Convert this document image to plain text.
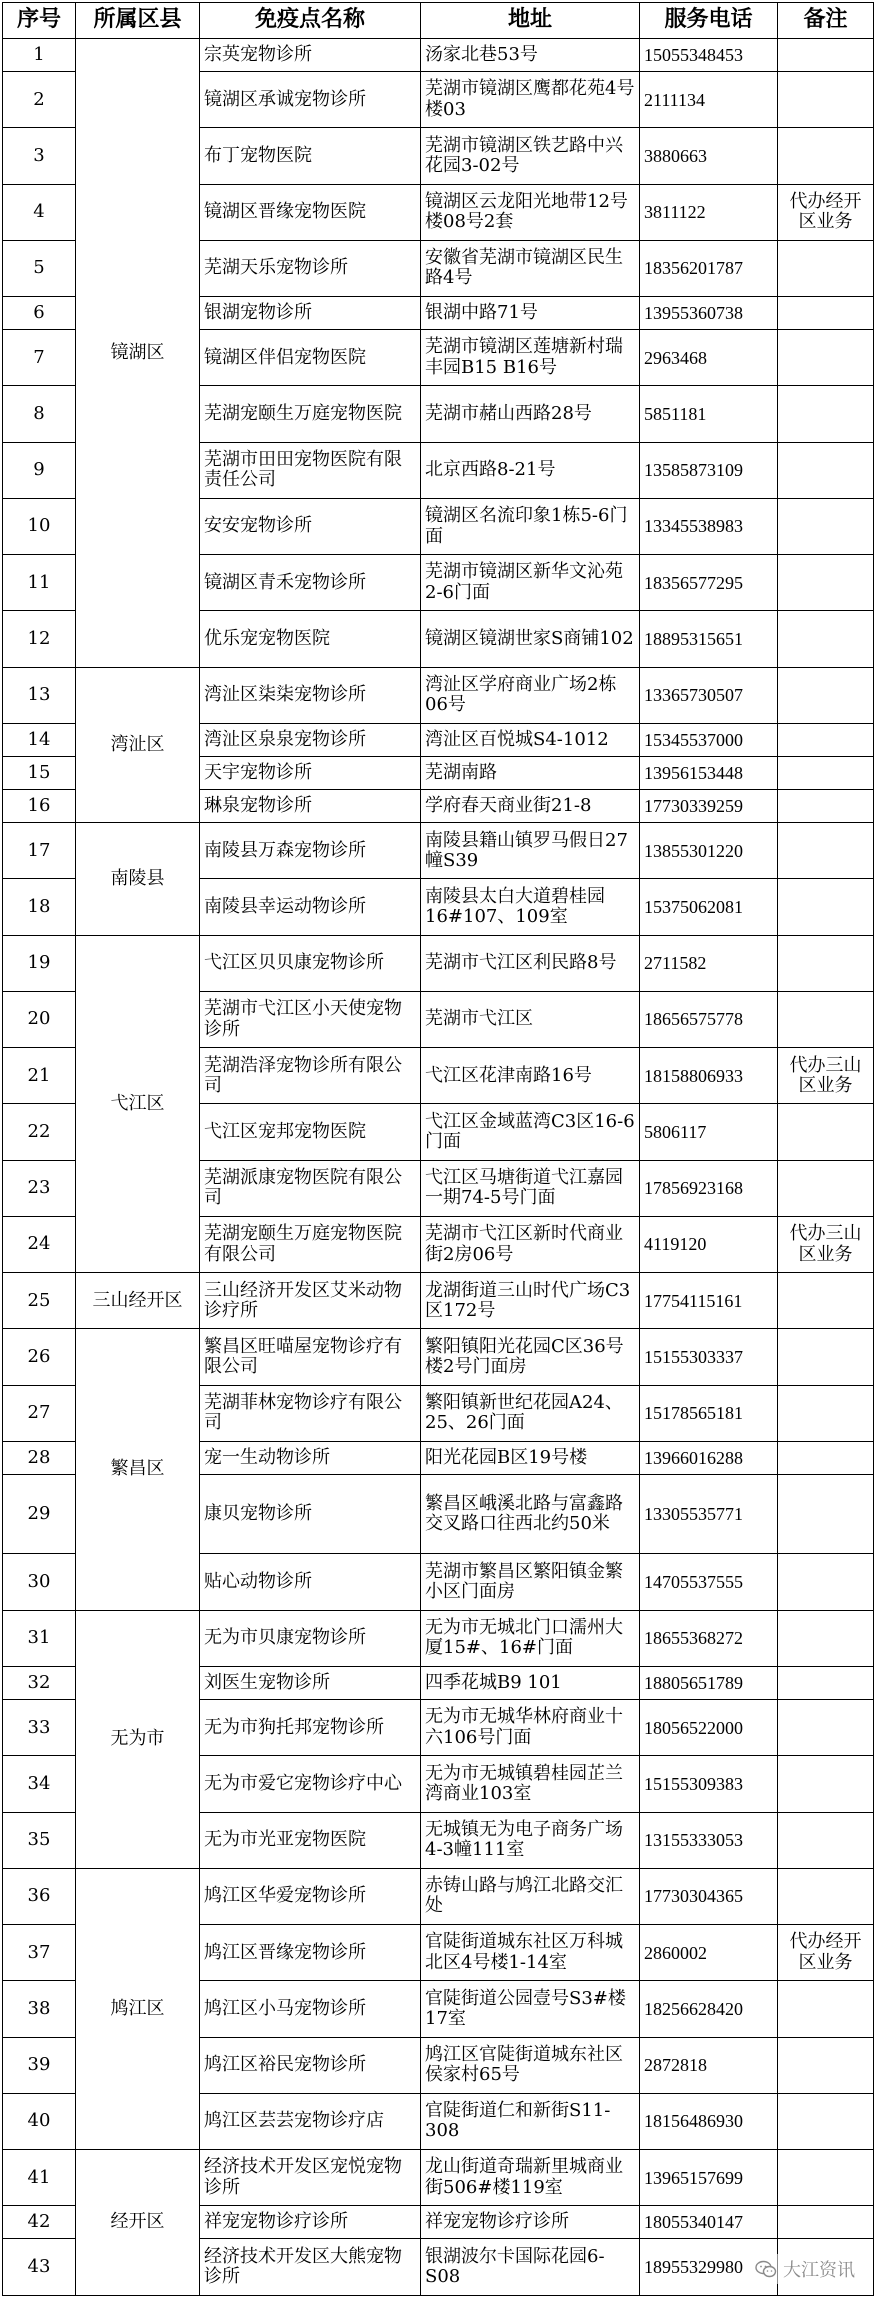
序号	所属区县	免疫点名称	地址	服务电话	备注
1	镜湖区	宗英宠物诊所	汤家北巷53号	15055348453	
2		镜湖区承诚宠物诊所	芜湖市镜湖区鹰都花苑4号楼03	2111134	
3		布丁宠物医院	芜湖市镜湖区铁艺路中兴花园3-02号	3880663	
4		镜湖区晋缘宠物医院	镜湖区云龙阳光地带12号楼08号2套	3811122	代办经开区业务
5		芜湖天乐宠物诊所	安徽省芜湖市镜湖区民生路4号	18356201787	
6		银湖宠物诊所	银湖中路71号	13955360738	
7		镜湖区伴侣宠物医院	芜湖市镜湖区莲塘新村瑞丰园B15 B16号	2963468	
8		芜湖宠颐生万庭宠物医院	芜湖市赭山西路28号	5851181	
9		芜湖市田田宠物医院有限责任公司	北京西路8-21号	13585873109	
10		安安宠物诊所	镜湖区名流印象1栋5-6门面	13345538983	
11		镜湖区青禾宠物诊所	芜湖市镜湖区新华文沁苑2-6门面	18356577295	
12		优乐宠宠物医院	镜湖区镜湖世家S商铺102	18895315651	
13	湾沚区	湾沚区柒柒宠物诊所	湾沚区学府商业广场2栋06号	13365730507	
14		湾沚区泉泉宠物诊所	湾沚区百悦城S4-1012	15345537000	
15		天宇宠物诊所	芜湖南路	13956153448	
16		琳泉宠物诊所	学府春天商业街21-8	17730339259	
17	南陵县	南陵县万森宠物诊所	南陵县籍山镇罗马假日27幢S39	13855301220	
18		南陵县幸运动物诊所	南陵县太白大道碧桂园16#107、109室	15375062081	
19	弋江区	弋江区贝贝康宠物诊所	芜湖市弋江区利民路8号	2711582	
20		芜湖市弋江区小天使宠物诊所	芜湖市弋江区	18656575778	
21		芜湖浩泽宠物诊所有限公司	弋江区花津南路16号	18158806933	代办三山区业务
22		弋江区宠邦宠物医院	弋江区金域蓝湾C3区16-6门面	5806117	
23		芜湖派康宠物医院有限公司	弋江区马塘街道弋江嘉园一期74-5号门面	17856923168	
24		芜湖宠颐生万庭宠物医院有限公司	芜湖市弋江区新时代商业街2房06号	4119120	代办三山区业务
25	三山经开区	三山经济开发区艾米动物诊疗所	龙湖街道三山时代广场C3区172号	17754115161	
26	繁昌区	繁昌区旺喵屋宠物诊疗有限公司	繁阳镇阳光花园C区36号楼2号门面房	15155303337	
27		芜湖菲林宠物诊疗有限公司	繁阳镇新世纪花园A24、25、26门面	15178565181	
28		宠一生动物诊所	阳光花园B区19号楼	13966016288	
29		康贝宠物诊所	繁昌区峨溪北路与富鑫路交叉路口往西北约50米	13305535771	
30		贴心动物诊所	芜湖市繁昌区繁阳镇金繁小区门面房	14705537555	
31	无为市	无为市贝康宠物诊所	无为市无城北门口濡州大厦15#、16#门面	18655368272	
32		刘医生宠物诊所	四季花城B9 101	18805651789	
33		无为市狗托邦宠物诊所	无为市无城华林府商业十六106号门面	18056522000	
34		无为市爱它宠物诊疗中心	无为市无城镇碧桂园芷兰湾商业103室	15155309383	
35		无为市光亚宠物医院	无城镇无为电子商务广场4-3幢111室	13155333053	
36	鸠江区	鸠江区华爱宠物诊所	赤铸山路与鸠江北路交汇处	17730304365	
37		鸠江区晋缘宠物诊所	官陡街道城东社区万科城北区4号楼1-14室	2860002	代办经开区业务
38		鸠江区小马宠物诊所	官陡街道公园壹号S3#楼17室	18256628420	
39		鸠江区裕民宠物诊所	鸠江区官陡街道城东社区侯家村65号	2872818	
40		鸠江区芸芸宠物诊疗店	官陡街道仁和新街S11-308	18156486930	
41	经开区	经济技术开发区宠悦宠物诊所	龙山街道奇瑞新里城商业街506#楼119室	13965157699	
42		祥宠宠物诊疗诊所	祥宠宠物诊疗诊所	18055340147	
43		经济技术开发区大熊宠物诊所	银湖波尔卡国际花园6-S08	18955329980	大江资讯
